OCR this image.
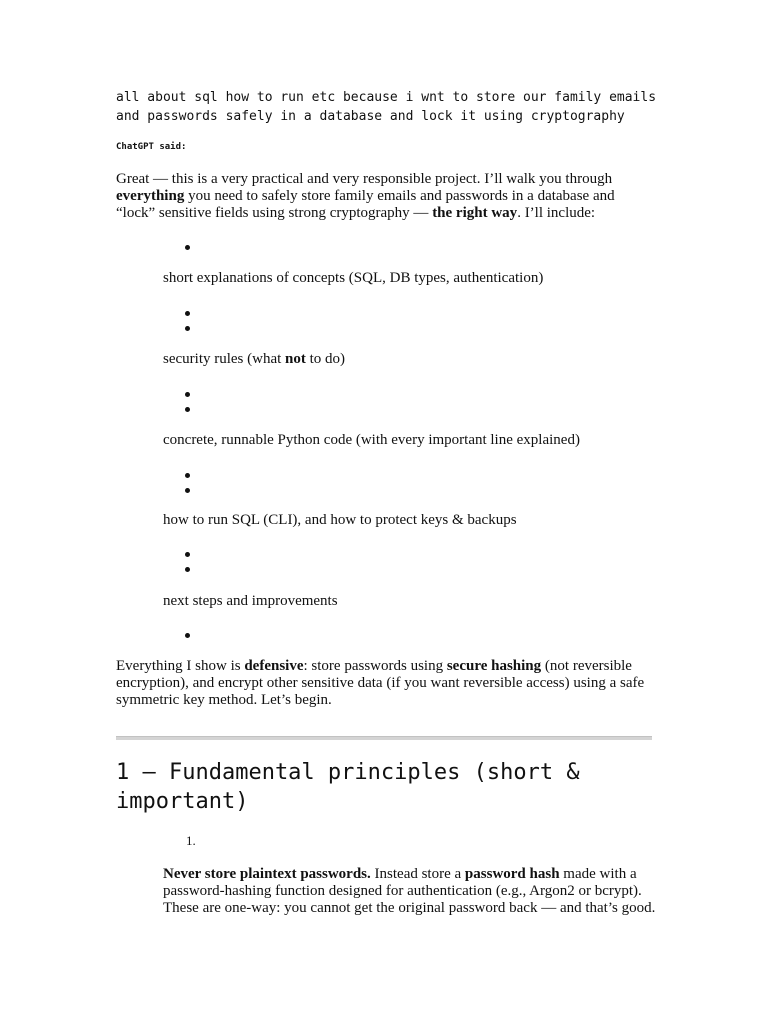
all about sql how to run etc because i wnt to store our family emails and passwords safely in a database and lock it using cryptography
ChatGPT said:
Great — this is a very practical and very responsible project. I’ll walk you through everything you need to safely store family emails and passwords in a database and “lock” sensitive fields using strong cryptography — the right way. I’ll include:
short explanations of concepts (SQL, DB types, authentication)
security rules (what not to do)
concrete, runnable Python code (with every important line explained)
how to run SQL (CLI), and how to protect keys & backups
next steps and improvements
Everything I show is defensive: store passwords using secure hashing (not reversible encryption), and encrypt other sensitive data (if you want reversible access) using a safe symmetric key method. Let’s begin.
1 — Fundamental principles (short & important)
1.
Never store plaintext passwords. Instead store a password hash made with a password-hashing function designed for authentication (e.g., Argon2 or bcrypt). These are one-way: you cannot get the original password back — and that’s good.
